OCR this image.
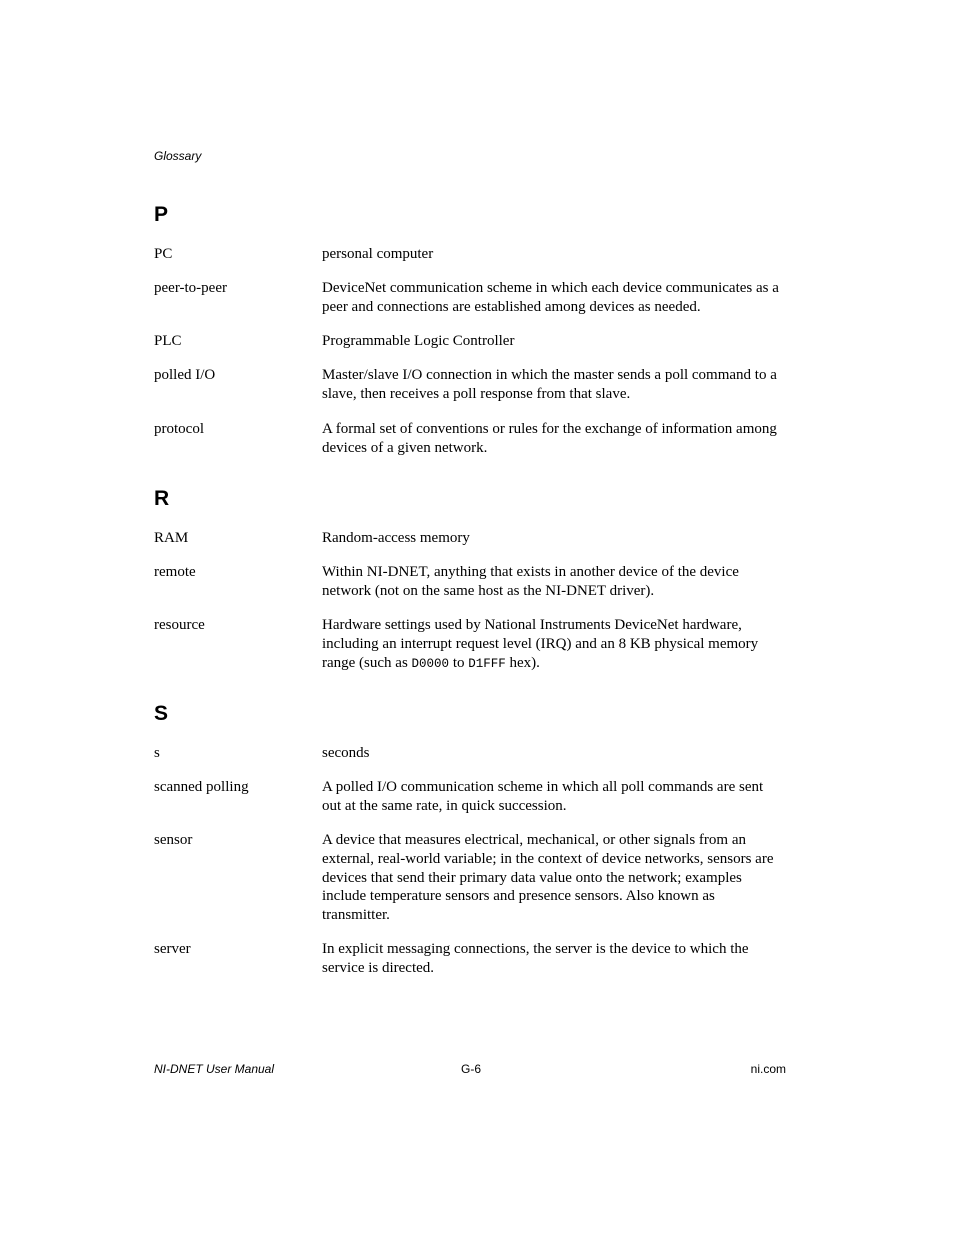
Glossary
P
PC	personal computer
peer-to-peer	DeviceNet communication scheme in which each device communicates as a peer and connections are established among devices as needed.
PLC	Programmable Logic Controller
polled I/O	Master/slave I/O connection in which the master sends a poll command to a slave, then receives a poll response from that slave.
protocol	A formal set of conventions or rules for the exchange of information among devices of a given network.
R
RAM	Random-access memory
remote	Within NI-DNET, anything that exists in another device of the device network (not on the same host as the NI-DNET driver).
resource	Hardware settings used by National Instruments DeviceNet hardware, including an interrupt request level (IRQ) and an 8 KB physical memory range (such as D0000 to D1FFF hex).
S
s	seconds
scanned polling	A polled I/O communication scheme in which all poll commands are sent out at the same rate, in quick succession.
sensor	A device that measures electrical, mechanical, or other signals from an external, real-world variable; in the context of device networks, sensors are devices that send their primary data value onto the network; examples include temperature sensors and presence sensors. Also known as transmitter.
server	In explicit messaging connections, the server is the device to which the service is directed.
NI-DNET User Manual	G-6	ni.com
